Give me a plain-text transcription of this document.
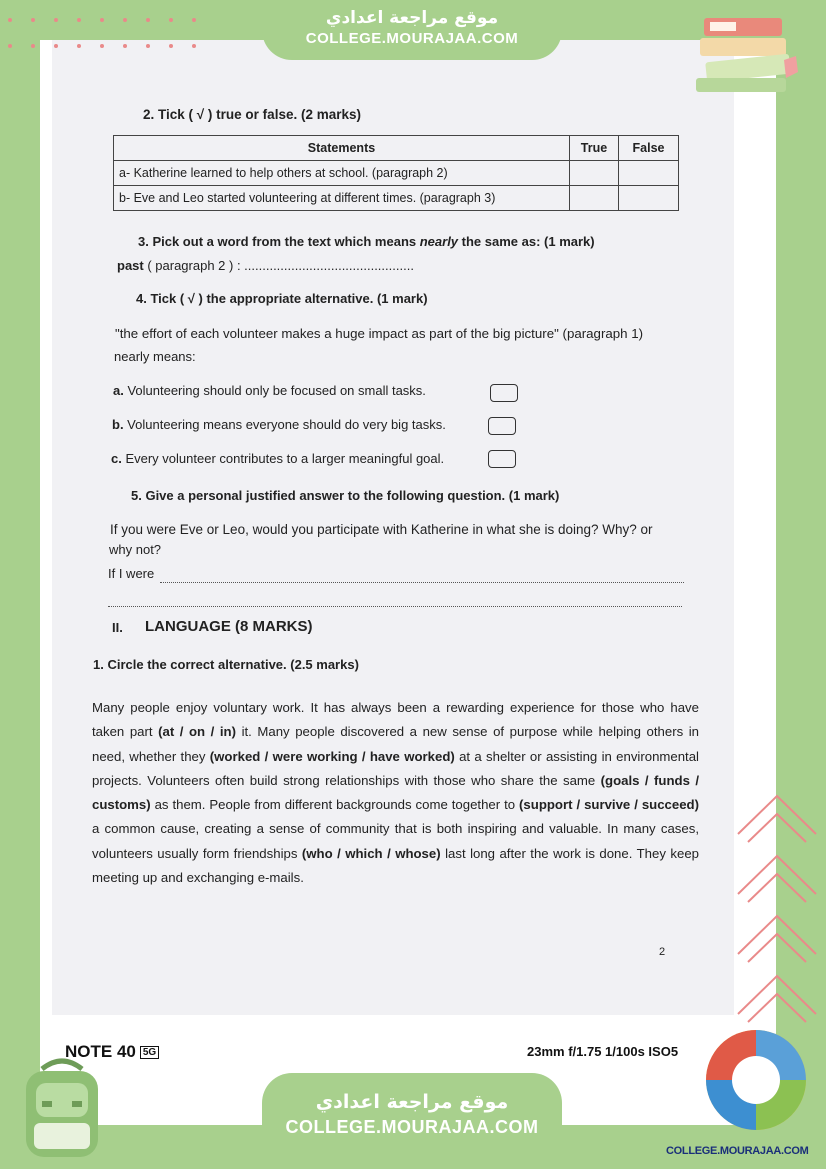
موقع مراجعة اعدادي
COLLEGE.MOURAJAA.COM
2. Tick ( √ ) true or false. (2 marks)
Statements	True	False
a- Katherine learned to help others at school. (paragraph 2)		
b- Eve and Leo started volunteering at different times. (paragraph 3)		
3. Pick out a word from the text which means nearly the same as: (1 mark)
past ( paragraph 2 ) : ...............................................
4. Tick ( √ ) the appropriate alternative. (1 mark)
"the effort of each volunteer makes a huge impact as part of the big picture" (paragraph 1)
nearly means:
a. Volunteering should only be focused on small tasks.
b. Volunteering means everyone should do very big tasks.
c. Every volunteer contributes to a larger meaningful goal.
5. Give a personal justified answer to the following question. (1 mark)
If you were Eve or Leo, would you participate with Katherine in what she is doing? Why? or
why not?
If I were
II. LANGUAGE (8 MARKS)
1. Circle the correct alternative. (2.5 marks)
Many people enjoy voluntary work. It has always been a rewarding experience for those who have taken part (at / on / in) it. Many people discovered a new sense of purpose while helping others in need, whether they (worked / were working / have worked) at a shelter or assisting in environmental projects. Volunteers often build strong relationships with those who share the same (goals / funds / customs) as them. People from different backgrounds come together to (support / survive / succeed) a common cause, creating a sense of community that is both inspiring and valuable. In many cases, volunteers usually form friendships (who / which / whose) last long after the work is done. They keep meeting up and exchanging e-mails.
2
NOTE 40 5G	23mm f/1.75 1/100s ISO5
موقع مراجعة اعدادي
COLLEGE.MOURAJAA.COM
COLLEGE.MOURAJAA.COM
